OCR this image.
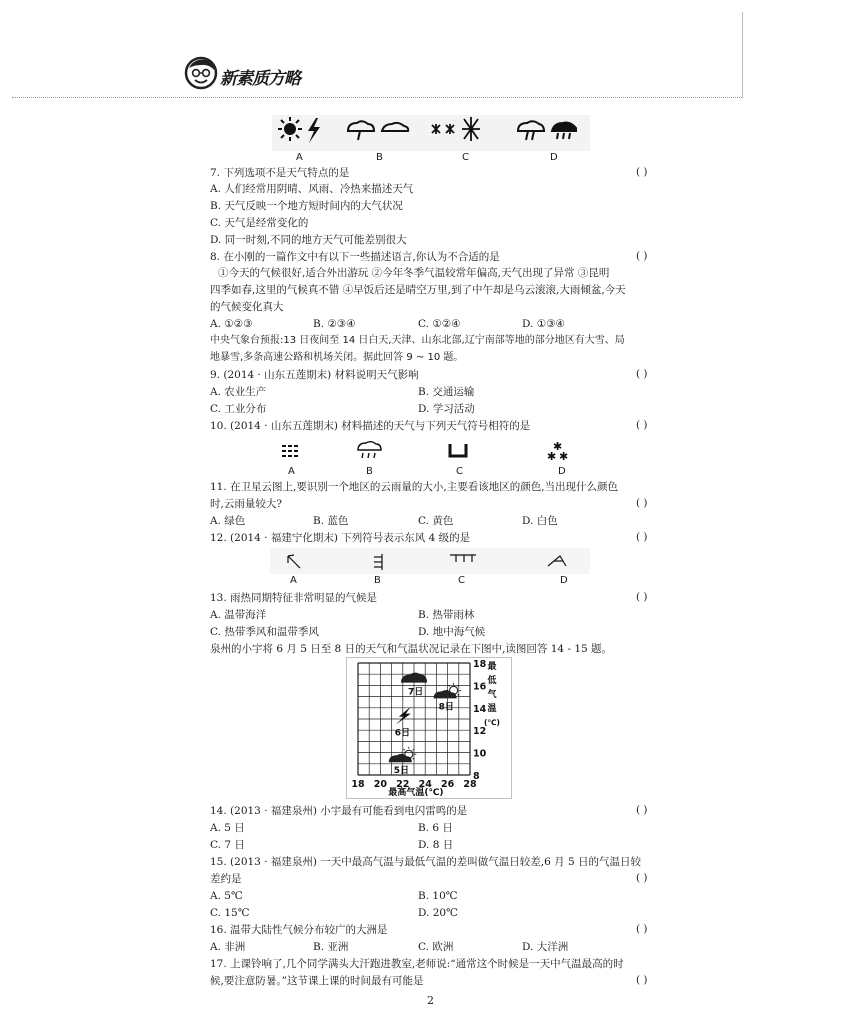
新素质方略
A	B	C	D
7. 下列选项不是天气特点的是	( )
A. 人们经常用阴晴、风雨、冷热来描述天气
B. 天气反映一个地方短时间内的大气状况
C. 天气是经常变化的
D. 同一时刻,不同的地方天气可能差别很大
8. 在小刚的一篇作文中有以下一些描述语言,你认为不合适的是	( )
①今天的气候很好,适合外出游玩 ②今年冬季气温较常年偏高,天气出现了异常 ③昆明
四季如春,这里的气候真不错 ④早饭后还是晴空万里,到了中午却是乌云滚滚,大雨倾盆,今天
的气候变化真大
A. ①②③	B. ②③④	C. ①②④	D. ①③④
中央气象台预报:13 日夜间至 14 日白天,天津、山东北部,辽宁南部等地的部分地区有大雪、局
地暴雪,多条高速公路和机场关闭。据此回答 9 ~ 10 题。
9. (2014 · 山东五莲期末) 材料说明天气影响	( )
A. 农业生产	B. 交通运输
C. 工业分布	D. 学习活动
10. (2014 · 山东五莲期末) 材料描述的天气与下列天气符号相符的是	( )
✱
✱ ✱
A	B	C	D
11. 在卫星云图上,要识别一个地区的云雨量的大小,主要看该地区的颜色,当出现什么颜色
时,云雨量较大?	( )
A. 绿色	B. 蓝色	C. 黄色	D. 白色
12. (2014 · 福建宁化期末) 下列符号表示东风 4 级的是	( )
A	B	C	D
13. 雨热同期特征非常明显的气候是	( )
A. 温带海洋	B. 热带雨林
C. 热带季风和温带季风	D. 地中海气候
泉州的小宇将 6 月 5 日至 8 日的天气和气温状况记录在下图中,读图回答 14 - 15 题。
18 20 22 24 26 28
18
16
14
12
10
8
最高气温(℃)
最
低
气
温
(℃)
5日
6日
7日
8日
14. (2013 · 福建泉州) 小宇最有可能看到电闪雷鸣的是	( )
A. 5 日	B. 6 日
C. 7 日	D. 8 日
15. (2013 · 福建泉州) 一天中最高气温与最低气温的差叫做气温日较差,6 月 5 日的气温日较
差约是	( )
A. 5℃	B. 10℃
C. 15℃	D. 20℃
16. 温带大陆性气候分布较广的大洲是	( )
A. 非洲	B. 亚洲	C. 欧洲	D. 大洋洲
17. 上课铃响了,几个同学满头大汗跑进教室,老师说:“通常这个时候是一天中气温最高的时
候,要注意防暑。”这节课上课的时间最有可能是	( )
2
